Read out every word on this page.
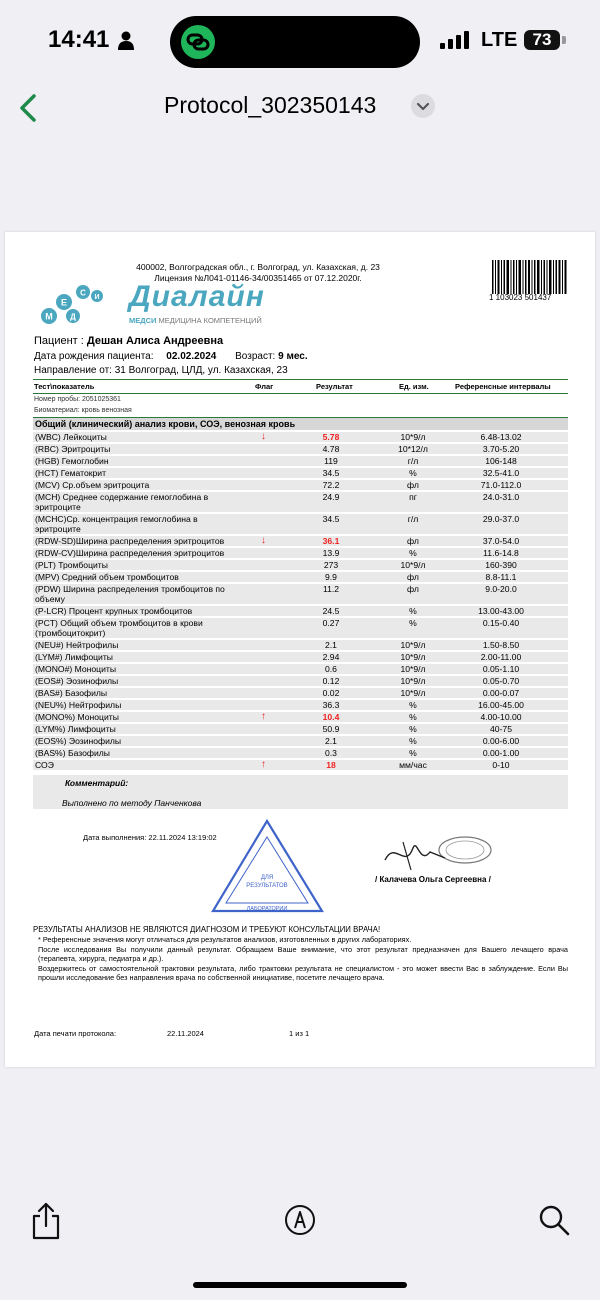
14:41	LTE 73
Protocol_302350143
400002, Волгоградская обл., г. Волгоград, ул. Казахская, д. 23
Лицензия №Л041-01146-34/00351465 от 07.12.2020г.
1 103023 501437
М
Е
Д
С И Диалайн
МЕДСИ МЕДИЦИНА КОМПЕТЕНЦИЙ
Пациент : Дешан Алиса Андреевна
Дата рождения пациента: 02.02.2024 Возраст: 9 мес.
Направление от: 31 Волгоград, ЦЛД, ул. Казахская, 23
Тест\показатель	Флаг	Результат	Ед. изм.	Референсные интервалы
Номер пробы: 2051025361
Биоматериал: кровь венозная
Общий (клинический) анализ крови, СОЭ, венозная кровь
(WBC) Лейкоциты	↓	5.78	10*9/л	6.48-13.02
(RBC) Эритроциты	4.78	10*12/л	3.70-5.20
(HGB) Гемоглобин	119	г/л	106-148
(HCT) Гематокрит	34.5	%	32.5-41.0
(MCV) Ср.объем эритроцита	72.2	фл	71.0-112.0
(MCH) Среднее содержание гемоглобина в эритроците
24.9	пг	24.0-31.0
(MCHC)Ср. концентрация гемоглобина в эритроците
34.5	г/л	29.0-37.0
(RDW-SD)Ширина распределения эритроцитов	↓	36.1	фл	37.0-54.0
(RDW-CV)Ширина распределения эритроцитов	13.9	%	11.6-14.8
(PLT) Тромбоциты	273	10*9/л	160-390
(MPV) Средний объем тромбоцитов	9.9	фл	8.8-11.1
(PDW) Ширина распределения тромбоцитов по объему
11.2	фл	9.0-20.0
(P-LCR) Процент крупных тромбоцитов	24.5	%	13.00-43.00
(PCT) Общий объем тромбоцитов в крови (тромбоцитокрит)
0.27	%	0.15-0.40
(NEU#) Нейтрофилы	2.1	10*9/л	1.50-8.50
(LYM#) Лимфоциты	2.94	10*9/л	2.00-11.00
(MONO#) Моноциты	0.6	10*9/л	0.05-1.10
(EOS#) Эозинофилы	0.12	10*9/л	0.05-0.70
(BAS#) Базофилы	0.02	10*9/л	0.00-0.07
(NEU%) Нейтрофилы	36.3	%	16.00-45.00
(MONO%) Моноциты	↑	10.4	%	4.00-10.00
(LYM%) Лимфоциты	50.9	%	40-75
(EOS%) Эозинофилы	2.1	%	0.00-6.00
(BAS%) Базофилы	0.3	%	0.00-1.00
СОЭ	↑	18	мм/час	0-10
Комментарий:
Выполнено по методу Панченкова
Дата выполнения: 22.11.2024 13:19:02
ДЛЯ
РЕЗУЛЬТАТОВ
ЛАБОРАТОРИИ
/ Калачева Ольга Сергеевна /
РЕЗУЛЬТАТЫ АНАЛИЗОВ НЕ ЯВЛЯЮТСЯ ДИАГНОЗОМ И ТРЕБУЮТ КОНСУЛЬТАЦИИ ВРАЧА!
* Референсные значения могут отличаться для результатов анализов, изготовленных в других лабораториях.
После исследования Вы получили данный результат. Обращаем Ваше внимание, что этот результат предназначен для Вашего лечащего врача (терапевта, хирурга, педиатра и др.).
Воздержитесь от самостоятельной трактовки результата, либо трактовки результата не специалистом - это может ввести Вас в заблуждение. Если Вы прошли исследование без направления врача по собственной инициативе, посетите лечащего врача.
Дата печати протокола:	22.11.2024	1 из 1
